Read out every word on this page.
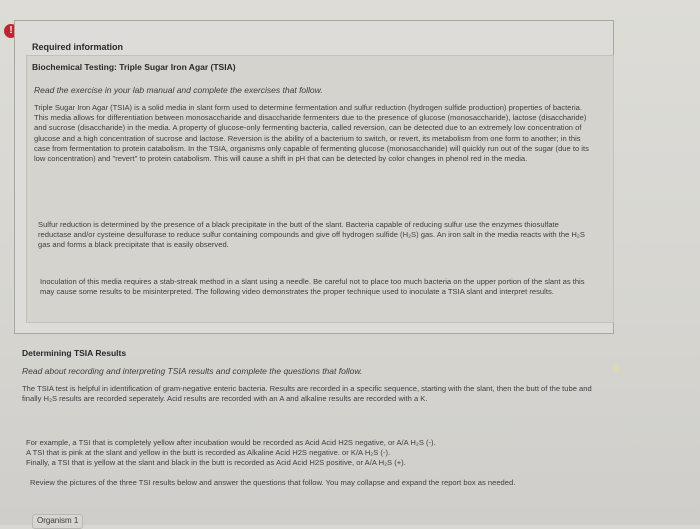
!
Required information
Biochemical Testing: Triple Sugar Iron Agar (TSIA)
Read the exercise in your lab manual and complete the exercises that follow.
Triple Sugar Iron Agar (TSIA) is a solid media in slant form used to determine fermentation and sulfur reduction (hydrogen sulfide production) properties of bacteria. This media allows for differentiation between monosaccharide and disaccharide fermenters due to the presence of glucose (monosaccharide), lactose (disaccharide) and sucrose (disaccharide) in the media. A property of glucose-only fermenting bacteria, called reversion, can be detected due to an extremely low concentration of glucose and a high concentration of sucrose and lactose. Reversion is the ability of a bacterium to switch, or revert, its metabolism from one form to another; in this case from fermentation to protein catabolism. In the TSIA, organisms only capable of fermenting glucose (monosaccharide) will quickly run out of the sugar (due to its low concentration) and "revert" to protein catabolism. This will cause a shift in pH that can be detected by color changes in phenol red in the media.
Sulfur reduction is determined by the presence of a black precipitate in the butt of the slant. Bacteria capable of reducing sulfur use the enzymes thiosulfate reductase and/or cysteine desulfurase to reduce sulfur containing compounds and give off hydrogen sulfide (H₂S) gas. An iron salt in the media reacts with the H₂S gas and forms a black precipitate that is easily observed.
Inoculation of this media requires a stab-streak method in a slant using a needle. Be careful not to place too much bacteria on the upper portion of the slant as this may cause some results to be misinterpreted. The following video demonstrates the proper technique used to inoculate a TSIA slant and interpret results.
Determining TSIA Results
Read about recording and interpreting TSIA results and complete the questions that follow.
The TSIA test is helpful in identification of gram-negative enteric bacteria. Results are recorded in a specific sequence, starting with the slant, then the butt of the tube and finally H₂S results are recorded seperately. Acid results are recorded with an A and alkaline results are recorded with a K.
For example, a TSI that is completely yellow after incubation would be recorded as Acid Acid H2S negative, or A/A H₂S (-).
A TSI that is pink at the slant and yellow in the butt is recorded as Alkaline Acid H2S negative. or K/A H₂S (-).
Finally, a TSI that is yellow at the slant and black in the butt is recorded as Acid Acid H2S positive, or A/A H₂S (+).
Review the pictures of the three TSI results below and answer the questions that follow. You may collapse and expand the report box as needed.
Organism 1
